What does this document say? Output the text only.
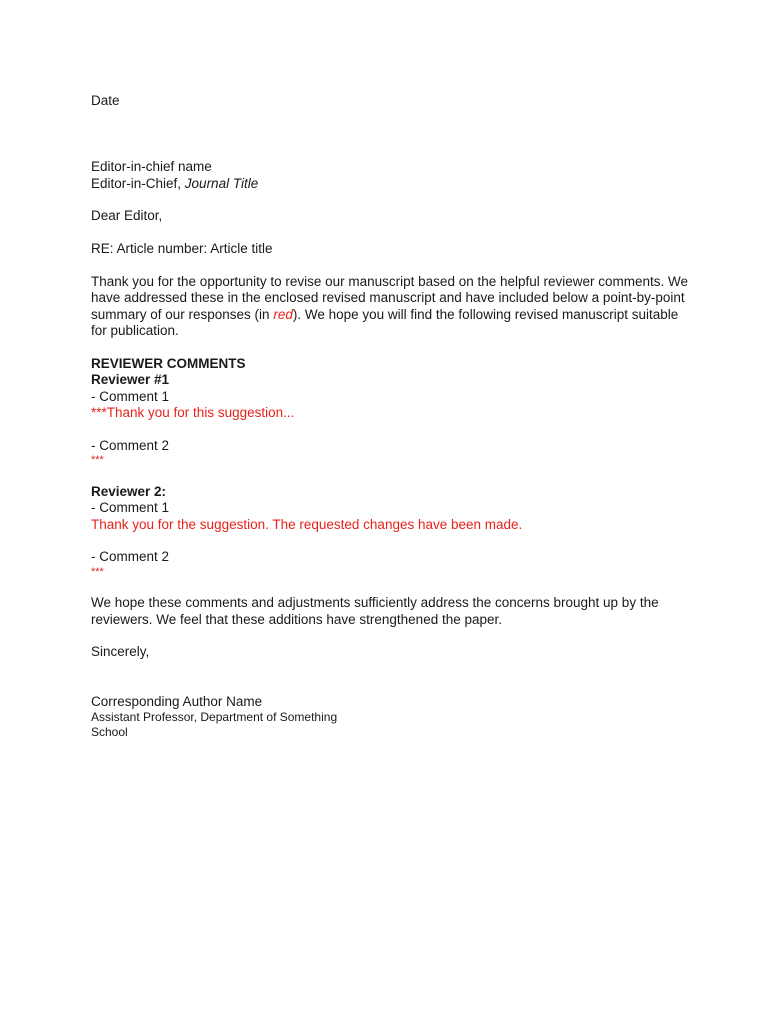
Date
Editor-in-chief name
Editor-in-Chief, Journal Title
Dear Editor,
RE: Article number: Article title
Thank you for the opportunity to revise our manuscript based on the helpful reviewer comments. We have addressed these in the enclosed revised manuscript and have included below a point-by-point summary of our responses (in red). We hope you will find the following revised manuscript suitable for publication.
REVIEWER COMMENTS
Reviewer #1
- Comment 1
***Thank you for this suggestion...
- Comment 2
***
Reviewer 2:
- Comment 1
Thank you for the suggestion. The requested changes have been made.
- Comment 2
***
We hope these comments and adjustments sufficiently address the concerns brought up by the reviewers. We feel that these additions have strengthened the paper.
Sincerely,
Corresponding Author Name
Assistant Professor, Department of Something
School
